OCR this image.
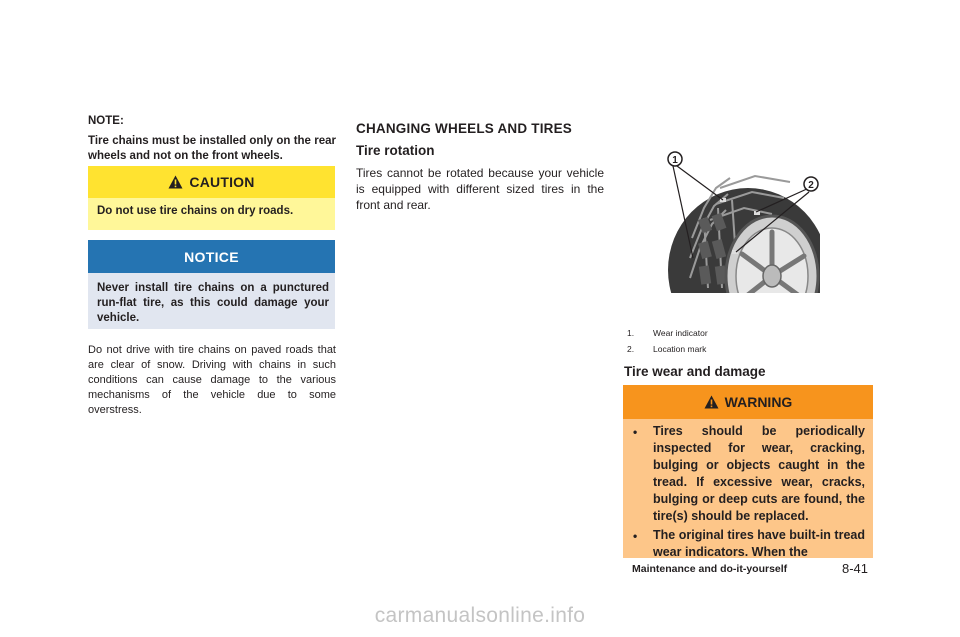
NOTE:
Tire chains must be installed only on the rear wheels and not on the front wheels.
CAUTION
Do not use tire chains on dry roads.
NOTICE
Never install tire chains on a punctured run-flat tire, as this could damage your vehicle.
Do not drive with tire chains on paved roads that are clear of snow. Driving with chains in such conditions can cause damage to the various mechanisms of the vehicle due to some overstress.
CHANGING WHEELS AND TIRES
Tire rotation
Tires cannot be rotated because your vehicle is equipped with different sized tires in the front and rear.
1
2
1. Wear indicator
2. Location mark
Tire wear and damage
WARNING
• Tires should be periodically inspected for wear, cracking, bulging or objects caught in the tread. If excessive wear, cracks, bulging or deep cuts are found, the tire(s) should be replaced.
• The original tires have built-in tread wear indicators. When the
Maintenance and do-it-yourself	8-41
carmanualsonline.info
